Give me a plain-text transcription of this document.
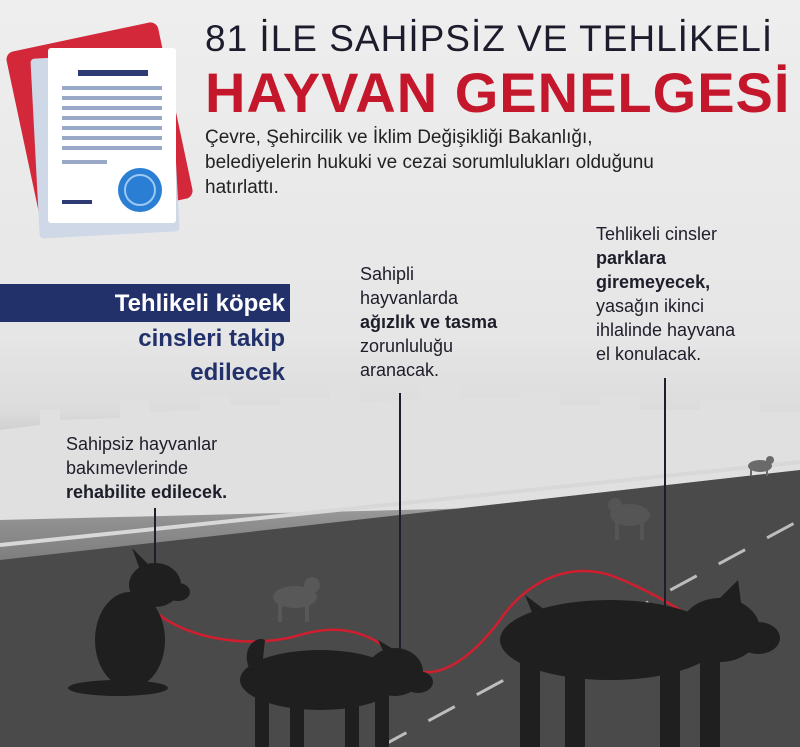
81 İLE SAHİPSİZ VE TEHLİKELİ
HAYVAN GENELGESİ
Çevre, Şehircilik ve İklim Değişikliği Bakanlığı,
belediyelerin hukuki ve cezai sorumlulukları olduğunu
hatırlattı.
Tehlikeli köpek
cinsleri takip
edilecek
Sahipsiz hayvanlar
bakımevlerinde
rehabilite edilecek.
Sahipli
hayvanlarda
ağızlık ve tasma
zorunluluğu
aranacak.
Tehlikeli cinsler
parklara
giremeyecek,
yasağın ikinci
ihlalinde hayvana
el konulacak.
